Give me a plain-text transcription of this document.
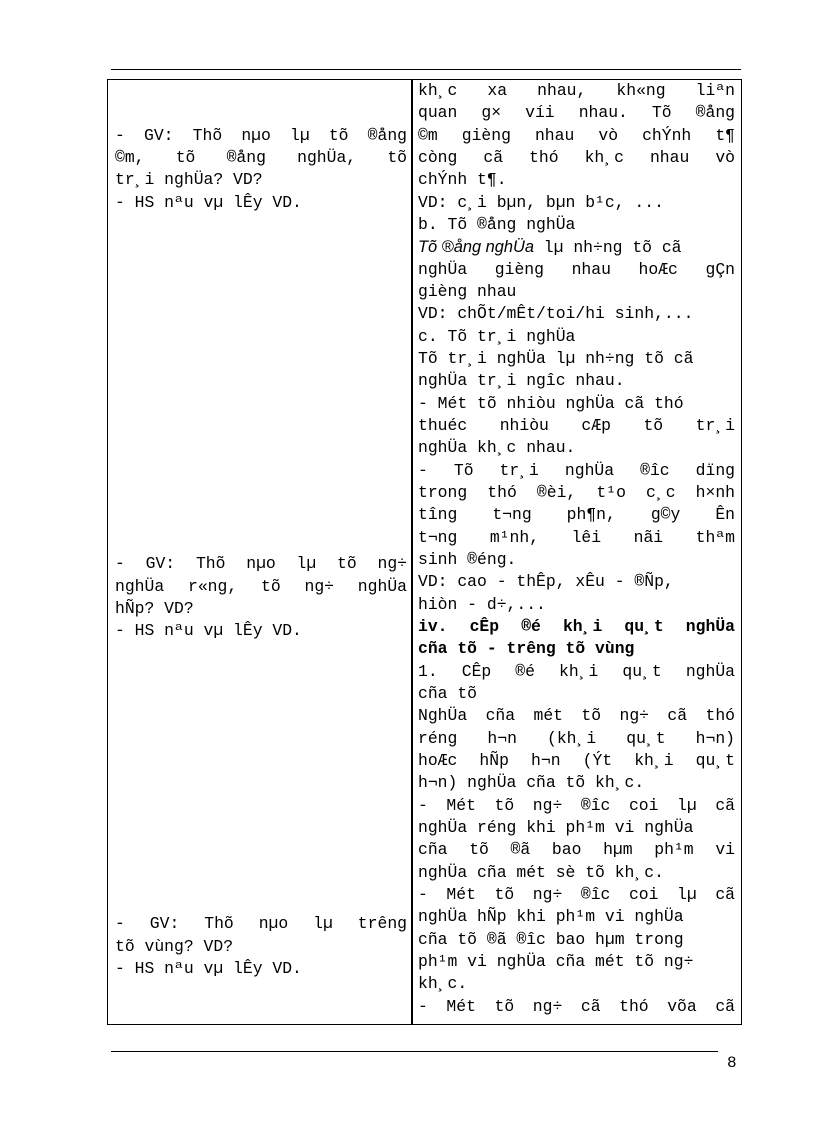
- GV: Thõ nµo lµ tõ ®ång
©m, tõ ®ång nghÜa, tõ
tr¸i nghÜa? VD?
- HS nªu vµ lÊy VD.
- GV: Thõ nµo lµ tõ ng÷
nghÜa r«ng, tõ ng÷ nghÜa
hÑp? VD?
- HS nªu vµ lÊy VD.
- GV: Thõ nµo lµ trêng
tõ vùng? VD?
- HS nªu vµ lÊy VD.
kh¸c xa nhau, kh«ng liªn
quan g× víi nhau. Tõ ®ång
©m gièng nhau vò chÝnh t¶
còng cã thó kh¸c nhau vò
chÝnh t¶.
VD: c¸i bµn, bµn b¹c, ...
b. Tõ ®ång nghÜa
Tõ ®ång nghÜa lµ nh÷ng tõ cã
nghÜa gièng nhau hoÆc gÇn
gièng nhau
VD: chÕt/mÊt/toi/hi sinh,...
c. Tõ tr¸i nghÜa
Tõ tr¸i nghÜa lµ nh÷ng tõ cã
nghÜa tr¸i ngîc nhau.
- Mét tõ nhiòu nghÜa cã thó
thuéc nhiòu cÆp tõ tr¸i
nghÜa kh¸c nhau.
- Tõ tr¸i nghÜa ®îc dïng
trong thó ®èi, t¹o c¸c h×nh
tîng t¬ng ph¶n, g©y Ên
t¬ng m¹nh, lêi nãi thªm
sinh ®éng.
VD: cao - thÊp, xÊu - ®Ñp,
hiòn - d÷,...
iv. cÊp ®é kh¸i qu¸t nghÜa
cña tõ - trêng tõ vùng
1. CÊp ®é kh¸i qu¸t nghÜa
cña tõ
NghÜa cña mét tõ ng÷ cã thó
réng h¬n (kh¸i qu¸t h¬n)
hoÆc hÑp h¬n (Ýt kh¸i qu¸t
h¬n) nghÜa cña tõ kh¸c.
- Mét tõ ng÷ ®îc coi lµ cã
nghÜa réng khi ph¹m vi nghÜa
cña tõ ®ã bao hµm ph¹m vi
nghÜa cña mét sè tõ kh¸c.
- Mét tõ ng÷ ®îc coi lµ cã
nghÜa hÑp khi ph¹m vi nghÜa
cña tõ ®ã ®îc bao hµm trong
ph¹m vi nghÜa cña mét tõ ng÷
kh¸c.
- Mét tõ ng÷ cã thó võa cã
8
